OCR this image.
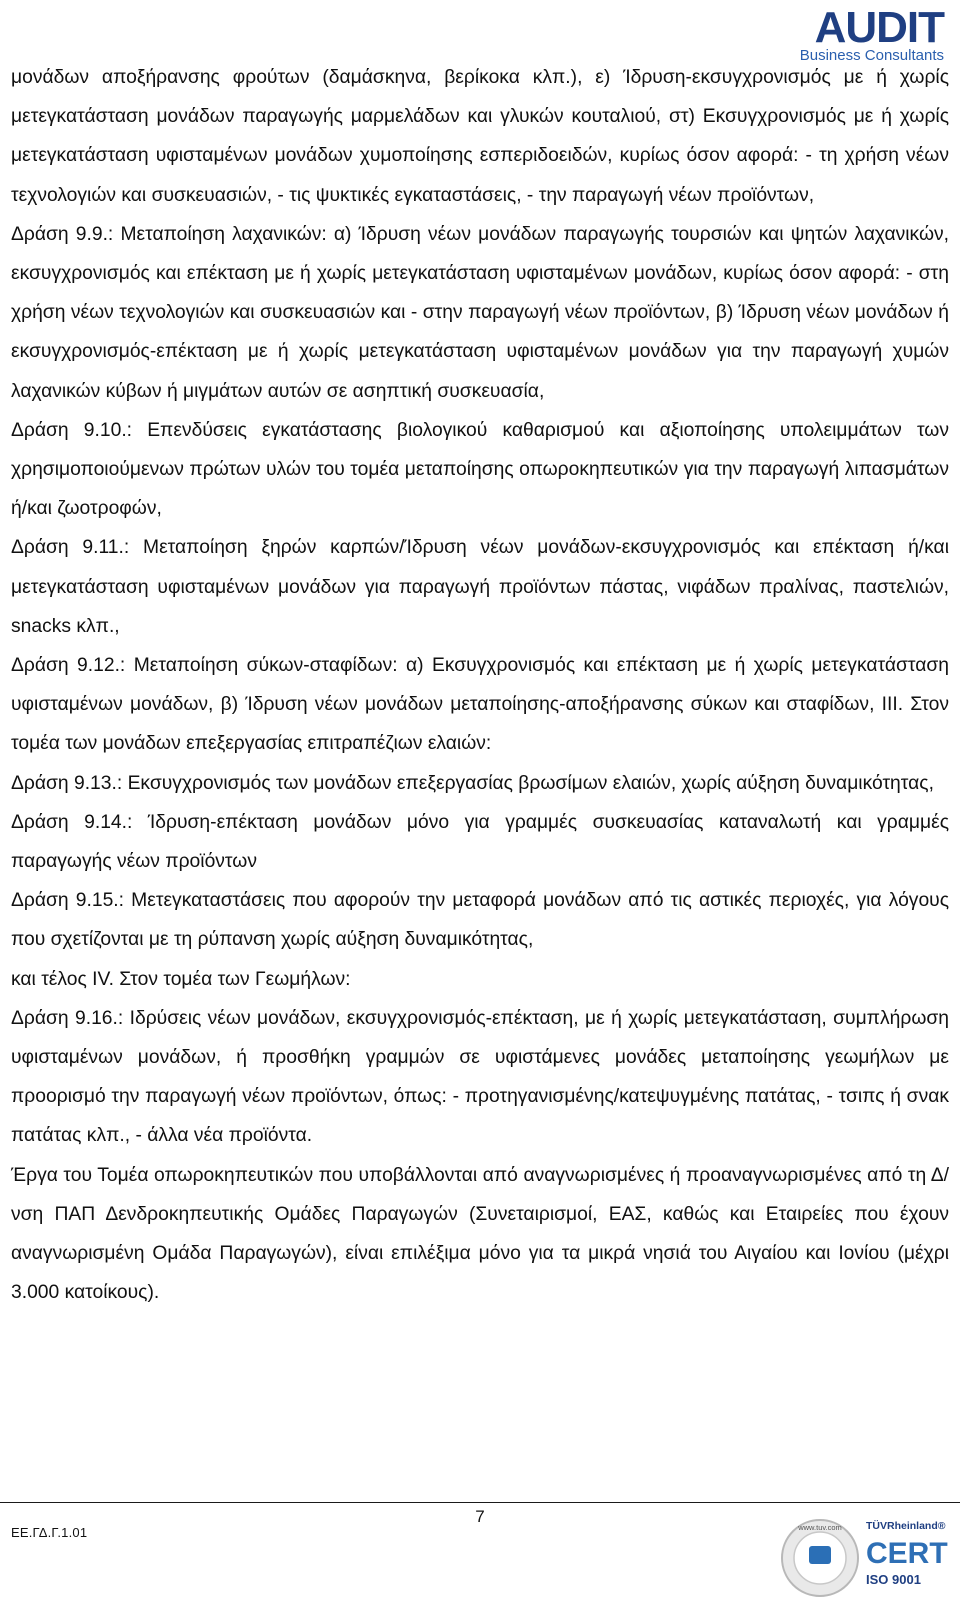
AUDIT
Business Consultants

μονάδων αποξήρανσης φρούτων (δαμάσκηνα, βερίκοκα κλπ.), ε) Ίδρυση-εκσυγχρονισμός με ή χωρίς μετεγκατάσταση μονάδων παραγωγής μαρμελάδων και γλυκών κουταλιού, στ) Εκσυγχρονισμός με ή χωρίς μετεγκατάσταση υφισταμένων μονάδων χυμοποίησης εσπεριδοειδών, κυρίως όσον αφορά: - τη χρήση νέων τεχνολογιών και συσκευασιών, - τις ψυκτικές εγκαταστάσεις, - την παραγωγή νέων προϊόντων,

Δράση 9.9.: Μεταποίηση λαχανικών: α) Ίδρυση νέων μονάδων παραγωγής τουρσιών και ψητών λαχανικών, εκσυγχρονισμός και επέκταση με ή χωρίς μετεγκατάσταση υφισταμένων μονάδων, κυρίως όσον αφορά: - στη χρήση νέων τεχνολογιών και συσκευασιών και - στην παραγωγή νέων προϊόντων, β) Ίδρυση νέων μονάδων ή εκσυγχρονισμός-επέκταση με ή χωρίς μετεγκατάσταση υφισταμένων μονάδων για την παραγωγή χυμών λαχανικών κύβων ή μιγμάτων αυτών σε ασηπτική συσκευασία,

Δράση 9.10.: Επενδύσεις εγκατάστασης βιολογικού καθαρισμού και αξιοποίησης υπολειμμάτων των χρησιμοποιούμενων πρώτων υλών του τομέα μεταποίησης οπωροκηπευτικών για την παραγωγή λιπασμάτων ή/και ζωοτροφών,

Δράση 9.11.: Μεταποίηση ξηρών καρπών/Ίδρυση νέων μονάδων-εκσυγχρονισμός και επέκταση ή/και μετεγκατάσταση υφισταμένων μονάδων για παραγωγή προϊόντων πάστας, νιφάδων πραλίνας, παστελιών, snacks κλπ.,

Δράση 9.12.: Μεταποίηση σύκων-σταφίδων: α) Εκσυγχρονισμός και επέκταση με ή χωρίς μετεγκατάσταση υφισταμένων μονάδων, β) Ίδρυση νέων μονάδων μεταποίησης-αποξήρανσης σύκων και σταφίδων, ΙΙΙ. Στον τομέα των μονάδων επεξεργασίας επιτραπέζιων ελαιών:

Δράση 9.13.: Εκσυγχρονισμός των μονάδων επεξεργασίας βρωσίμων ελαιών, χωρίς αύξηση δυναμικότητας,

Δράση 9.14.: Ίδρυση-επέκταση μονάδων μόνο για γραμμές συσκευασίας καταναλωτή και γραμμές παραγωγής νέων προϊόντων

Δράση 9.15.: Μετεγκαταστάσεις που αφορούν την μεταφορά μονάδων από τις αστικές περιοχές, για λόγους που σχετίζονται με τη ρύπανση χωρίς αύξηση δυναμικότητας,

και τέλος ΙV. Στον τομέα των Γεωμήλων:

Δράση 9.16.: Ιδρύσεις νέων μονάδων, εκσυγχρονισμός-επέκταση, με ή χωρίς μετεγκατάσταση, συμπλήρωση υφισταμένων μονάδων, ή προσθήκη γραμμών σε υφιστάμενες μονάδες μεταποίησης γεωμήλων με προορισμό την παραγωγή νέων προϊόντων, όπως: - προτηγανισμένης/κατεψυγμένης πατάτας, - τσιπς ή σνακ πατάτας κλπ., - άλλα νέα προϊόντα.

Έργα του Τομέα οπωροκηπευτικών που υποβάλλονται από αναγνωρισμένες ή προαναγνωρισμένες από τη Δ/νση ΠΑΠ Δενδροκηπευτικής Ομάδες Παραγωγών (Συνεταιρισμοί, ΕΑΣ, καθώς και Εταιρείες που έχουν αναγνωρισμένη Ομάδα Παραγωγών), είναι επιλέξιμα μόνο για τα μικρά νησιά του Αιγαίου και Ιονίου (μέχρι 3.000 κατοίκους).

7
ΕΕ.ΓΔ.Γ.1.01	www.tuv.com TÜVRheinland®
CERT
ISO 9001
